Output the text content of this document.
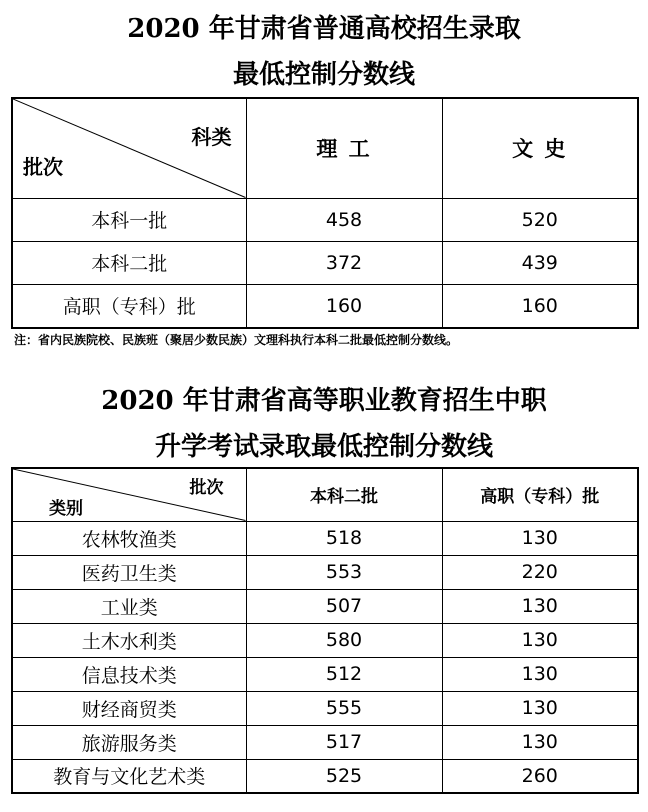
2020 年甘肃省普通高校招生录取
最低控制分数线
科类
批次	理 工	文 史
本科一批	458	520
本科二批	372	439
高职（专科）批	160	160
注：省内民族院校、民族班（聚居少数民族）文理科执行本科二批最低控制分数线。
2020 年甘肃省高等职业教育招生中职
升学考试录取最低控制分数线
批次
类别	本科二批	高职（专科）批
农林牧渔类	518	130
医药卫生类	553	220
工业类	507	130
土木水利类	580	130
信息技术类	512	130
财经商贸类	555	130
旅游服务类	517	130
教育与文化艺术类	525	260
